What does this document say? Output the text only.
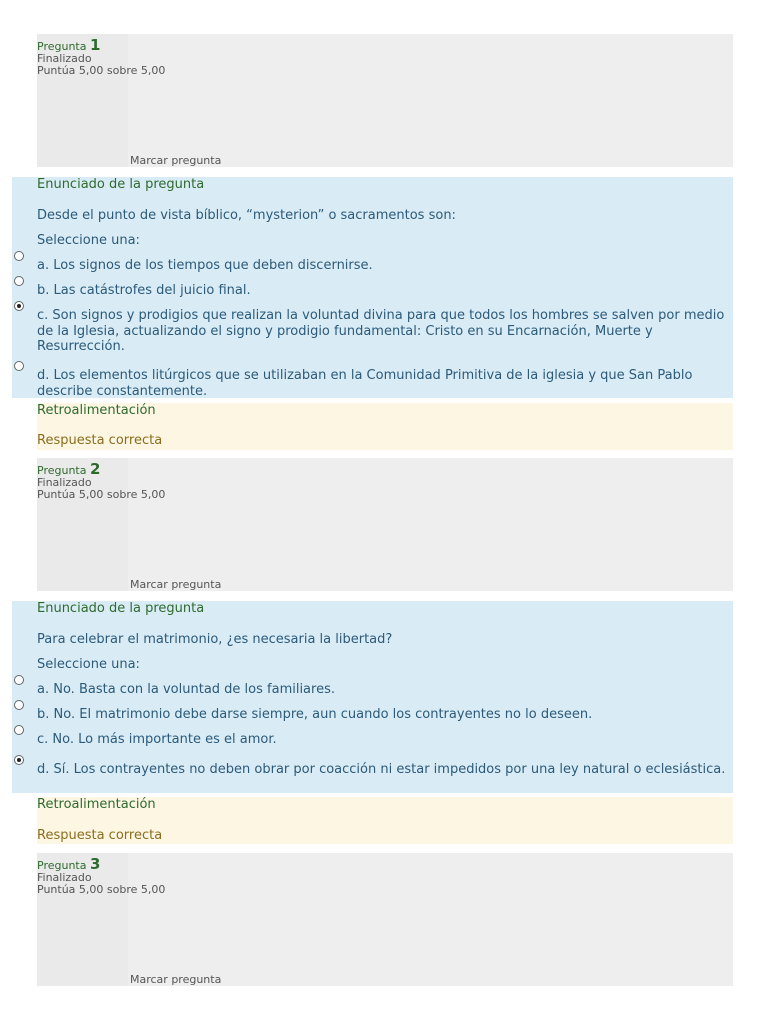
Pregunta 1
Finalizado
Puntúa 5,00 sobre 5,00
Marcar pregunta
Enunciado de la pregunta
Desde el punto de vista bíblico, “mysterion” o sacramentos son:
Seleccione una:
a. Los signos de los tiempos que deben discernirse.
b. Las catástrofes del juicio final.
c. Son signos y prodigios que realizan la voluntad divina para que todos los hombres se salven por medio de la Iglesia, actualizando el signo y prodigio fundamental: Cristo en su Encarnación, Muerte y Resurrección.
d. Los elementos litúrgicos que se utilizaban en la Comunidad Primitiva de la iglesia y que San Pablo describe constantemente.
Retroalimentación
Respuesta correcta
Pregunta 2
Finalizado
Puntúa 5,00 sobre 5,00
Marcar pregunta
Enunciado de la pregunta
Para celebrar el matrimonio, ¿es necesaria la libertad?
Seleccione una:
a. No. Basta con la voluntad de los familiares.
b. No. El matrimonio debe darse siempre, aun cuando los contrayentes no lo deseen.
c. No. Lo más importante es el amor.
d. Sí. Los contrayentes no deben obrar por coacción ni estar impedidos por una ley natural o eclesiástica.
Retroalimentación
Respuesta correcta
Pregunta 3
Finalizado
Puntúa 5,00 sobre 5,00
Marcar pregunta
